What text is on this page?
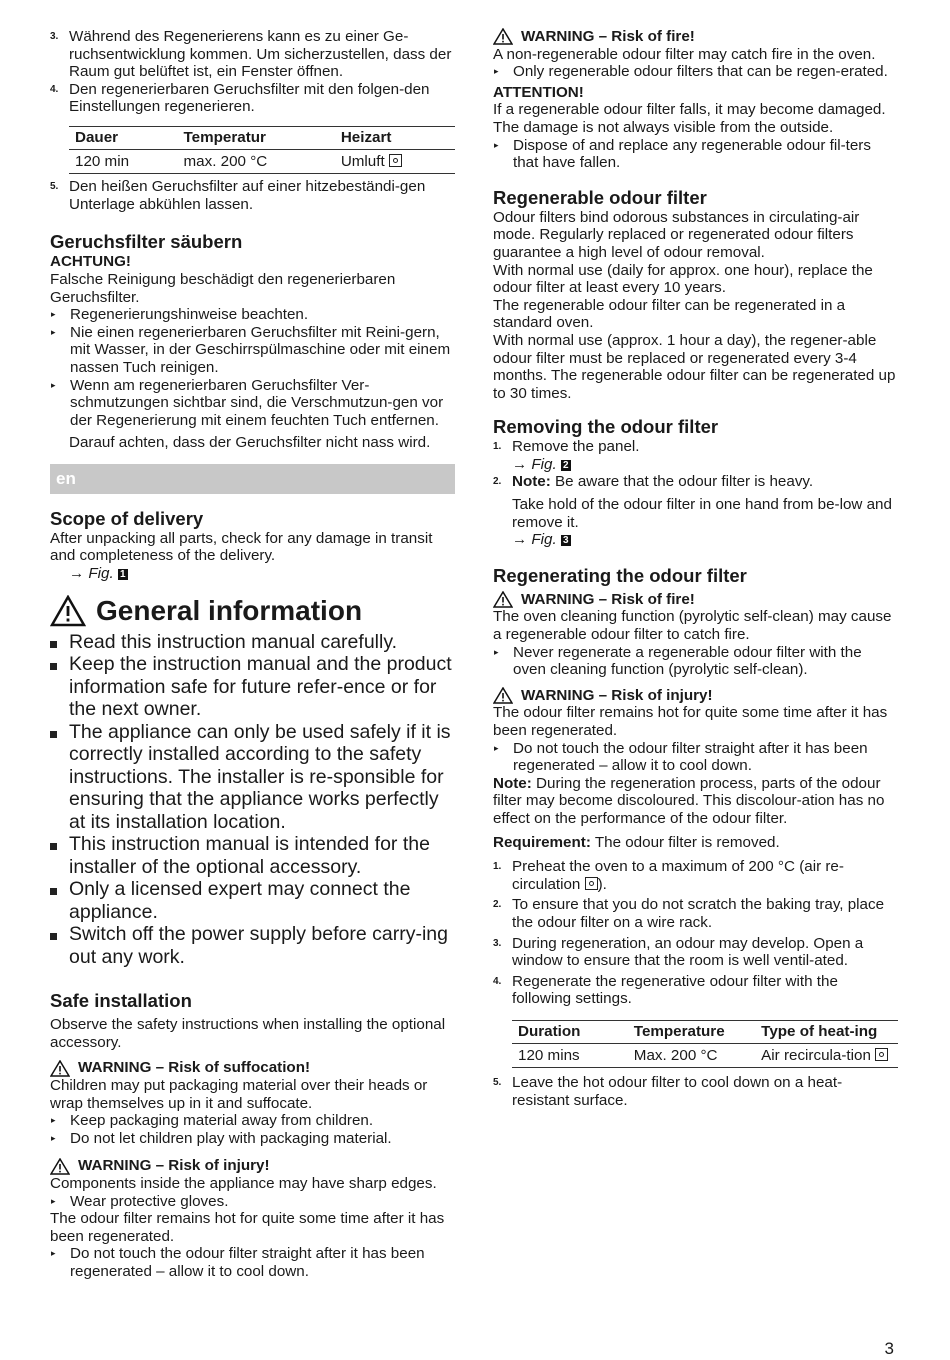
3. Während des Regenerierens kann es zu einer Ge-ruchsentwicklung kommen. Um sicherzustellen, dass der Raum gut belüftet ist, ein Fenster öffnen.
4. Den regenerierbaren Geruchsfilter mit den folgen-den Einstellungen regenerieren.
Dauer	Temperatur	Heizart
120 min	max. 200 °C	Umluft
5. Den heißen Geruchsfilter auf einer hitzebeständi-gen Unterlage abkühlen lassen.
Geruchsfilter säubern

ACHTUNG!

Falsche Reinigung beschädigt den regenerierbaren Geruchsfilter.

▸ Regenerierungshinweise beachten.
▸ Nie einen regenerierbaren Geruchsfilter mit Reini-gern, mit Wasser, in der Geschirrspülmaschine oder mit einem nassen Tuch reinigen.
▸ Wenn am regenerierbaren Geruchsfilter Ver-schmutzungen sichtbar sind, die Verschmutzun-gen vor der Regenerierung mit einem feuchten Tuch entfernen.

Darauf achten, dass der Geruchsfilter nicht nass wird.

en
Scope of delivery

After unpacking all parts, check for any damage in transit and completeness of the delivery.

→ Fig. 1

General information
Read this instruction manual carefully.
Keep the instruction manual and the product information safe for future refer-ence or for the next owner.
The appliance can only be used safely if it is correctly installed according to the safety instructions. The installer is re-sponsible for ensuring that the appliance works perfectly at its installation location.
This instruction manual is intended for the installer of the optional accessory.
Only a licensed expert may connect the appliance.
Switch off the power supply before carry-ing out any work.
Safe installation

Observe the safety instructions when installing the optional accessory.

WARNING – Risk of suffocation!

Children may put packaging material over their heads or wrap themselves up in it and suffocate.

▸ Keep packaging material away from children.
▸ Do not let children play with packaging material.
WARNING – Risk of injury!

Components inside the appliance may have sharp edges.

▸ Wear protective gloves.

The odour filter remains hot for quite some time after it has been regenerated.

▸ Do not touch the odour filter straight after it has been regenerated – allow it to cool down.
WARNING – Risk of fire!

A non-regenerable odour filter may catch fire in the oven.

▸ Only regenerable odour filters that can be regen-erated.

ATTENTION!

If a regenerable odour filter falls, it may become damaged. The damage is not always visible from the outside.

▸ Dispose of and replace any regenerable odour fil-ters that have fallen.
Regenerable odour filter

Odour filters bind odorous substances in circulating-air mode. Regularly replaced or regenerated odour filters guarantee a high level of odour removal.

With normal use (daily for approx. one hour), replace the odour filter at least every 10 years.

The regenerable odour filter can be regenerated in a standard oven.

With normal use (approx. 1 hour a day), the regener-able odour filter must be replaced or regenerated every 3-4 months. The regenerable odour filter can be regenerated up to 30 times.

Removing the odour filter
1. Remove the panel.

→ Fig. 2

2. Note: Be aware that the odour filter is heavy.

Take hold of the odour filter in one hand from be-low and remove it.

→ Fig. 3

Regenerating the odour filter
WARNING – Risk of fire!

The oven cleaning function (pyrolytic self-clean) may cause a regenerable odour filter to catch fire.

▸ Never regenerate a regenerable odour filter with the oven cleaning function (pyrolytic self-clean).
WARNING – Risk of injury!

The odour filter remains hot for quite some time after it has been regenerated.

▸ Do not touch the odour filter straight after it has been regenerated – allow it to cool down.

Note: During the regeneration process, parts of the odour filter may become discoloured. This discolour-ation has no effect on the performance of the odour filter.

Requirement: The odour filter is removed.

1. Preheat the oven to a maximum of 200 °C (air re-circulation ).
2. To ensure that you do not scratch the baking tray, place the odour filter on a wire rack.
3. During regeneration, an odour may develop. Open a window to ensure that the room is well ventil-ated.
4. Regenerate the regenerative odour filter with the following settings.
Duration	Temperature	Type of heat-ing
120 mins	Max. 200 °C	Air recircula-tion
5. Leave the hot odour filter to cool down on a heat-resistant surface.
3
